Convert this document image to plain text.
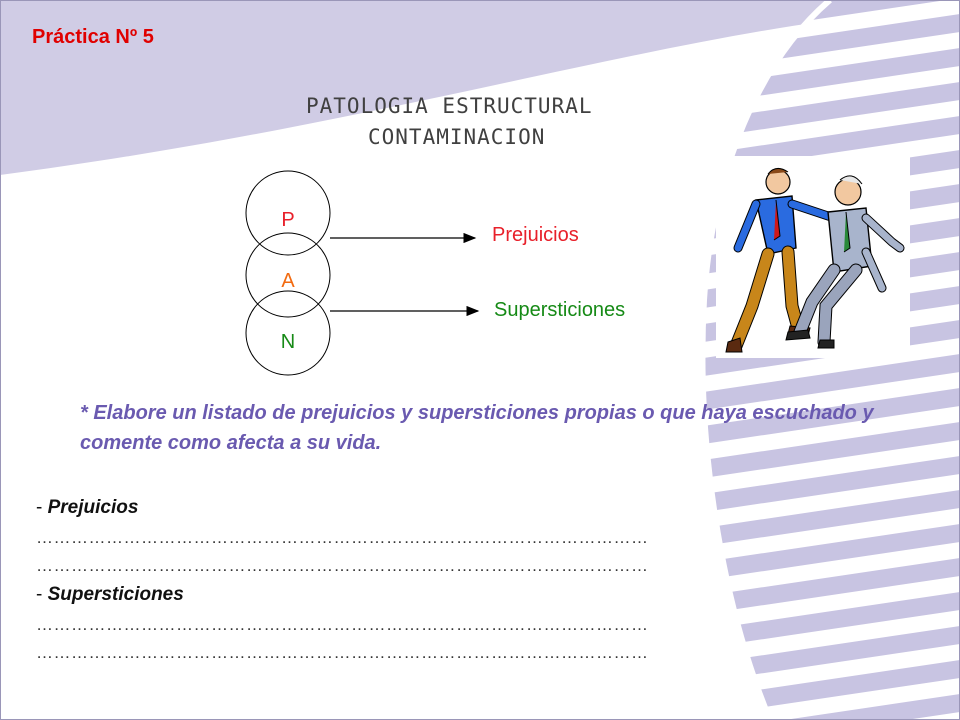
Práctica Nº 5
PATOLOGIA ESTRUCTURAL
CONTAMINACION
P
A
N
Prejuicios
Supersticiones
* Elabore un listado de prejuicios y supersticiones propias o que haya escuchado y comente como afecta a su vida.
- Prejuicios
……………………………………………………………………………………………
……………………………………………………………………………………………
- Supersticiones
……………………………………………………………………………………………
……………………………………………………………………………………………
